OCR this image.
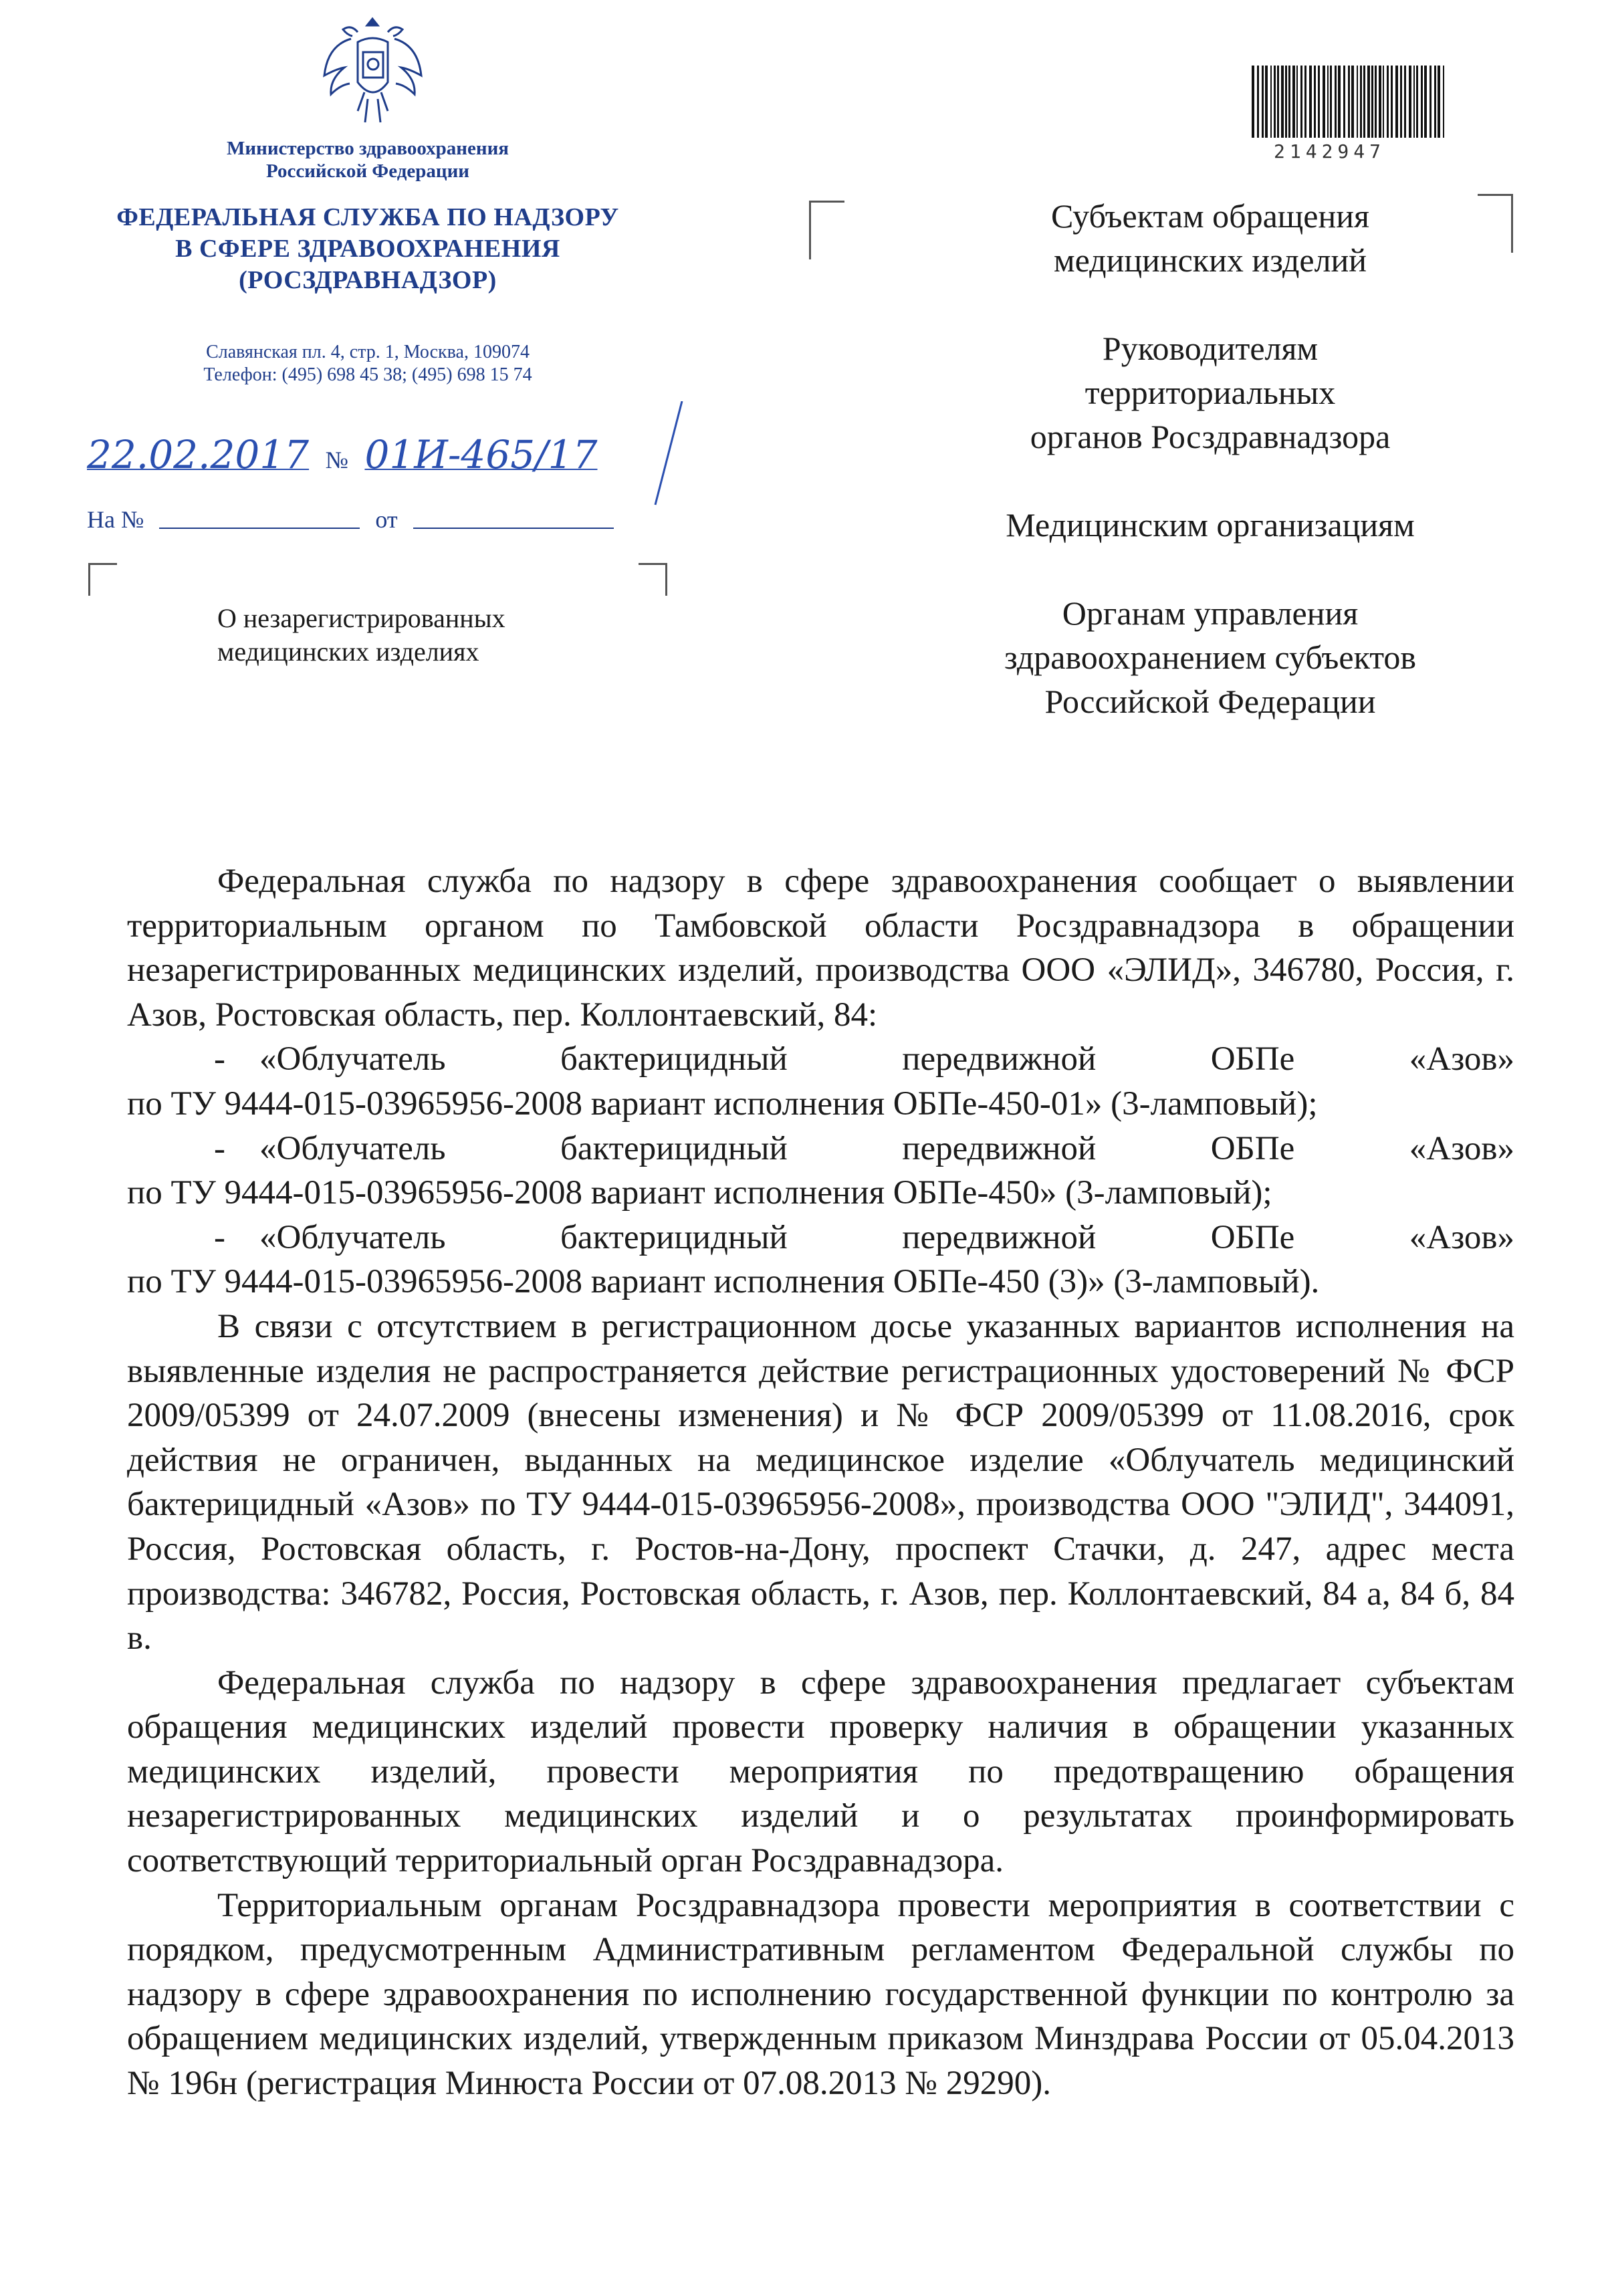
Министерство здравоохранения
Российской Федерации
ФЕДЕРАЛЬНАЯ СЛУЖБА ПО НАДЗОРУ
В СФЕРЕ ЗДРАВООХРАНЕНИЯ
(РОСЗДРАВНАДЗОР)
Славянская пл. 4, стр. 1, Москва, 109074
Телефон: (495) 698 45 38; (495) 698 15 74
22.02.2017 № 01И-465/17
На №	от
О незарегистрированных
медицинских изделиях
2142947
Субъектам обращения
медицинских изделий
Руководителям
территориальных
органов Росздравнадзора
Медицинским организациям
Органам управления
здравоохранением субъектов
Российской Федерации

Федеральная служба по надзору в сфере здравоохранения сообщает о выявлении территориальным органом по Тамбовской области Росздравнадзора в обращении незарегистрированных медицинских изделий, производства ООО «ЭЛИД», 346780, Россия, г. Азов, Ростовская область, пер. Коллонтаевский, 84:

- «Облучатель бактерицидный передвижной ОБПе «Азов»

по ТУ 9444-015-03965956-2008 вариант исполнения ОБПе-450-01» (3-ламповый);

- «Облучатель бактерицидный передвижной ОБПе «Азов»

по ТУ 9444-015-03965956-2008 вариант исполнения ОБПе-450» (3-ламповый);

- «Облучатель бактерицидный передвижной ОБПе «Азов»

по ТУ 9444-015-03965956-2008 вариант исполнения ОБПе-450 (3)» (3-ламповый).

В связи с отсутствием в регистрационном досье указанных вариантов исполнения на выявленные изделия не распространяется действие регистрационных удостоверений № ФСР 2009/05399 от 24.07.2009 (внесены изменения) и № ФСР 2009/05399 от 11.08.2016, срок действия не ограничен, выданных на медицинское изделие «Облучатель медицинский бактерицидный «Азов» по ТУ 9444-015-03965956-2008», производства ООО "ЭЛИД", 344091, Россия, Ростовская область, г. Ростов-на-Дону, проспект Стачки, д. 247, адрес места производства: 346782, Россия, Ростовская область, г. Азов, пер. Коллонтаевский, 84 а, 84 б, 84 в.

Федеральная служба по надзору в сфере здравоохранения предлагает субъектам обращения медицинских изделий провести проверку наличия в обращении указанных медицинских изделий, провести мероприятия по предотвращению обращения незарегистрированных медицинских изделий и о результатах проинформировать соответствующий территориальный орган Росздравнадзора.

Территориальным органам Росздравнадзора провести мероприятия в соответствии с порядком, предусмотренным Административным регламентом Федеральной службы по надзору в сфере здравоохранения по исполнению государственной функции по контролю за обращением медицинских изделий, утвержденным приказом Минздрава России от 05.04.2013 № 196н (регистрация Минюста России от 07.08.2013 № 29290).
